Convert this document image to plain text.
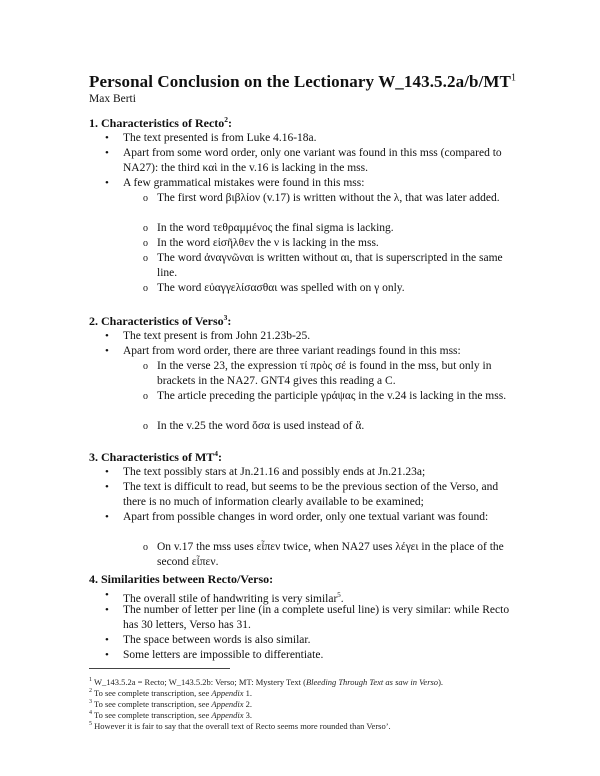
Personal Conclusion on the Lectionary $W\_143.5.2a/b/MT^1$
Max Berti
1. Characteristics of Recto$^2$:
• The text presented is from Luke 4.16-18a.
• Apart from some word order, only one variant was found in this mss (compared to NA27): the third καὶ in the v.16 is lacking in the mss.
• A few grammatical mistakes were found in this mss:
o The first word βιβλίον (v.17) is written without the λ, that was later added.
o In the word τεθραμμένος the final sigma is lacking.
o In the word εἰσῆλθεν the ν is lacking in the mss.
o The word ἀναγνῶναι is written without αι, that is superscripted in the same line.
o The word εὐαγγελίσασθαι was spelled with on γ only.
2. Characteristics of Verso$^3$:
• The text present is from John 21.23b-25.
• Apart from word order, there are three variant readings found in this mss:
o In the verse 23, the expression τί πρὸς σέ is found in the mss, but only in brackets in the NA27. GNT4 gives this reading a C.
o The article preceding the participle γράψας in the v.24 is lacking in the mss.
o In the v.25 the word ὅσα is used instead of ἃ.
3. Characteristics of $MT^4$:
• The text possibly stars at Jn.21.16 and possibly ends at Jn.21.23a;
• The text is difficult to read, but seems to be the previous section of the Verso, and there is no much of information clearly available to be examined;
• Apart from possible changes in word order, only one textual variant was found:
o On v.17 the mss uses εἶπεν twice, when NA27 uses λέγει in the place of the second εἶπεν.
4. Similarities between Recto/Verso:
• The overall stile of handwriting is very similar$^5$.
• The number of letter per line (in a complete useful line) is very similar: while Recto has 30 letters, Verso has 31.
• The space between words is also similar.
• Some letters are impossible to differentiate.
$^1$ W_143.5.2a = Recto; W_143.5.2b: Verso; MT: Mystery Text (Bleeding Through Text as saw in Verso).
$^2$ To see complete transcription, see Appendix 1.
$^3$ To see complete transcription, see Appendix 2.
$^4$ To see complete transcription, see Appendix 3.
$^5$ However it is fair to say that the overall text of Recto seems more rounded than Verso’.
